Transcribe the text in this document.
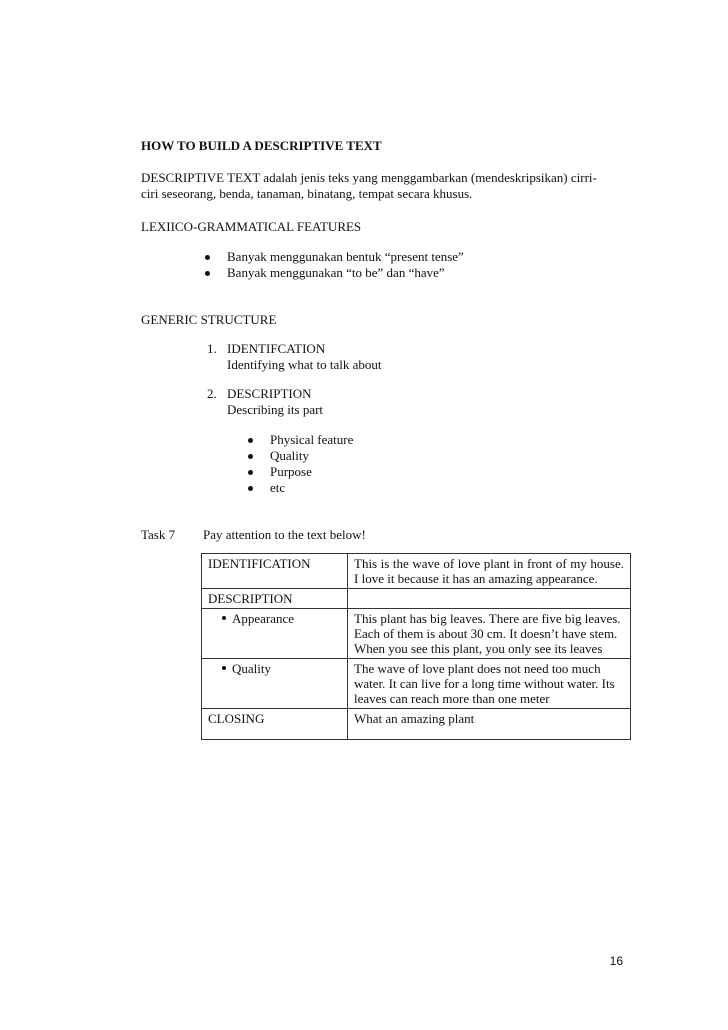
HOW TO BUILD A DESCRIPTIVE TEXT

DESCRIPTIVE TEXT adalah jenis teks yang menggambarkan (mendeskripsikan) cirri-

ciri seseorang, benda, tanaman, binatang, tempat secara khusus.

LEXIICO-GRAMMATICAL FEATURES
Banyak menggunakan bentuk “present tense”
Banyak menggunakan “to be” dan “have”
GENERIC STRUCTURE
1. IDENTIFCATION
Identifying what to talk about
2. DESCRIPTION
Describing its part
Physical feature
Quality
Purpose
etc
Task 7 Pay attention to the text below!
IDENTIFICATION	This is the wave of love plant in front of my house. I love it because it has an amazing appearance.
DESCRIPTION	

Appearance	This plant has big leaves. There are five big leaves. Each of them is about 30 cm. It doesn’t have stem. When you see this plant, you only see its leaves

Quality	The wave of love plant does not need too much water. It can live for a long time without water. Its leaves can reach more than one meter
CLOSING	What an amazing plant
16
